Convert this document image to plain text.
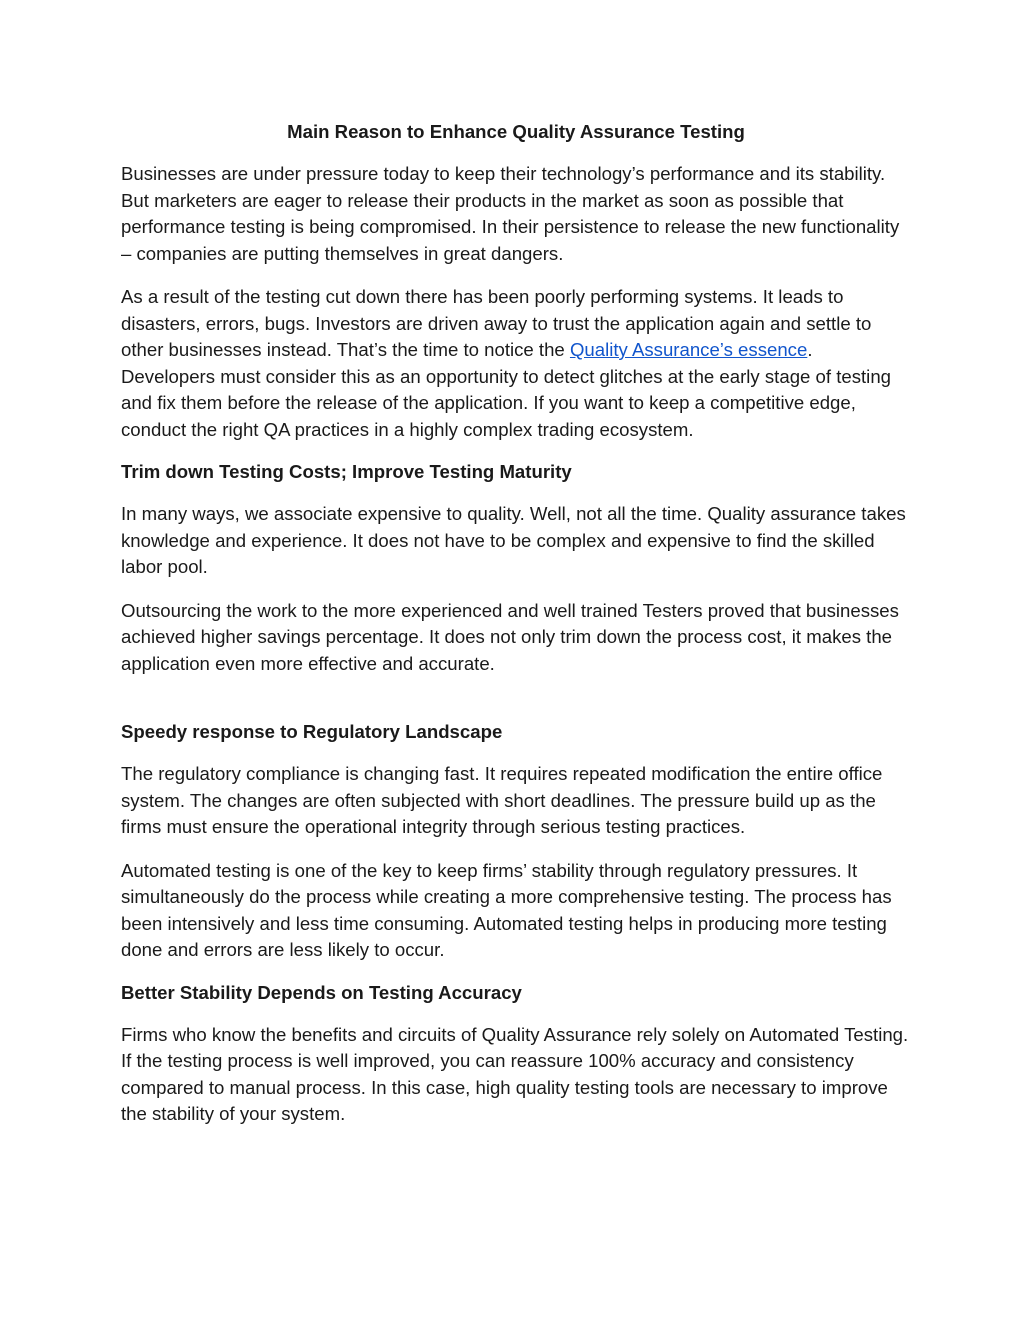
Main Reason to Enhance Quality Assurance Testing

Businesses are under pressure today to keep their technology’s performance and its stability. But marketers are eager to release their products in the market as soon as possible that performance testing is being compromised. In their persistence to release the new functionality – companies are putting themselves in great dangers.

As a result of the testing cut down there has been poorly performing systems. It leads to disasters, errors, bugs. Investors are driven away to trust the application again and settle to other businesses instead. That’s the time to notice the Quality Assurance’s essence. Developers must consider this as an opportunity to detect glitches at the early stage of testing and fix them before the release of the application. If you want to keep a competitive edge, conduct the right QA practices in a highly complex trading ecosystem.

Trim down Testing Costs; Improve Testing Maturity

In many ways, we associate expensive to quality. Well, not all the time. Quality assurance takes knowledge and experience. It does not have to be complex and expensive to find the skilled labor pool.

Outsourcing the work to the more experienced and well trained Testers proved that businesses achieved higher savings percentage. It does not only trim down the process cost, it makes the application even more effective and accurate.

Speedy response to Regulatory Landscape

The regulatory compliance is changing fast. It requires repeated modification the entire office system. The changes are often subjected with short deadlines. The pressure build up as the firms must ensure the operational integrity through serious testing practices.

Automated testing is one of the key to keep firms’ stability through regulatory pressures. It simultaneously do the process while creating a more comprehensive testing. The process has been intensively and less time consuming. Automated testing helps in producing more testing done and errors are less likely to occur.

Better Stability Depends on Testing Accuracy

Firms who know the benefits and circuits of Quality Assurance rely solely on Automated Testing. If the testing process is well improved, you can reassure 100% accuracy and consistency compared to manual process. In this case, high quality testing tools are necessary to improve the stability of your system.
